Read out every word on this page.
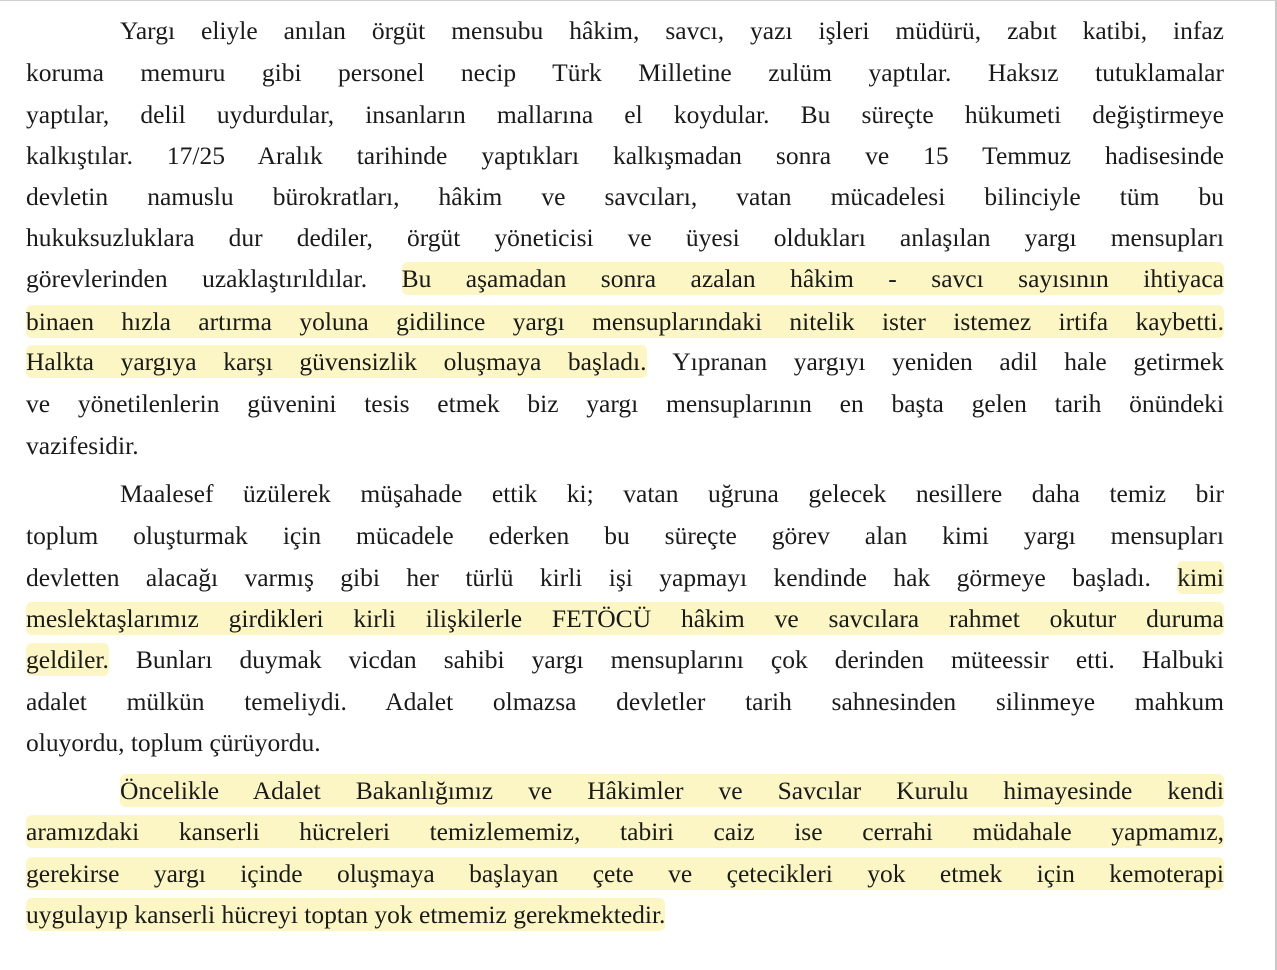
Yargı eliyle anılan örgüt mensubu hâkim, savcı, yazı işleri müdürü, zabıt katibi, infaz

koruma memuru gibi personel necip Türk Milletine zulüm yaptılar. Haksız tutuklamalar

yaptılar, delil uydurdular, insanların mallarına el koydular. Bu süreçte hükumeti değiştirmeye

kalkıştılar. 17/25 Aralık tarihinde yaptıkları kalkışmadan sonra ve 15 Temmuz hadisesinde

devletin namuslu bürokratları, hâkim ve savcıları, vatan mücadelesi bilinciyle tüm bu

hukuksuzluklara dur dediler, örgüt yöneticisi ve üyesi oldukları anlaşılan yargı mensupları

görevlerinden uzaklaştırıldılar. Bu aşamadan sonra azalan hâkim - savcı sayısının ihtiyaca

binaen hızla artırma yoluna gidilince yargı mensuplarındaki nitelik ister istemez irtifa kaybetti.

Halkta yargıya karşı güvensizlik oluşmaya başladı. Yıpranan yargıyı yeniden adil hale getirmek

ve yönetilenlerin güvenini tesis etmek biz yargı mensuplarının en başta gelen tarih önündeki

vazifesidir.

Maalesef üzülerek müşahade ettik ki; vatan uğruna gelecek nesillere daha temiz bir

toplum oluşturmak için mücadele ederken bu süreçte görev alan kimi yargı mensupları

devletten alacağı varmış gibi her türlü kirli işi yapmayı kendinde hak görmeye başladı. kimi

meslektaşlarımız girdikleri kirli ilişkilerle FETÖCÜ hâkim ve savcılara rahmet okutur duruma

geldiler. Bunları duymak vicdan sahibi yargı mensuplarını çok derinden müteessir etti. Halbuki

adalet mülkün temeliydi. Adalet olmazsa devletler tarih sahnesinden silinmeye mahkum

oluyordu, toplum çürüyordu.

Öncelikle Adalet Bakanlığımız ve Hâkimler ve Savcılar Kurulu himayesinde kendi

aramızdaki kanserli hücreleri temizlememiz, tabiri caiz ise cerrahi müdahale yapmamız,

gerekirse yargı içinde oluşmaya başlayan çete ve çetecikleri yok etmek için kemoterapi

uygulayıp kanserli hücreyi toptan yok etmemiz gerekmektedir.
